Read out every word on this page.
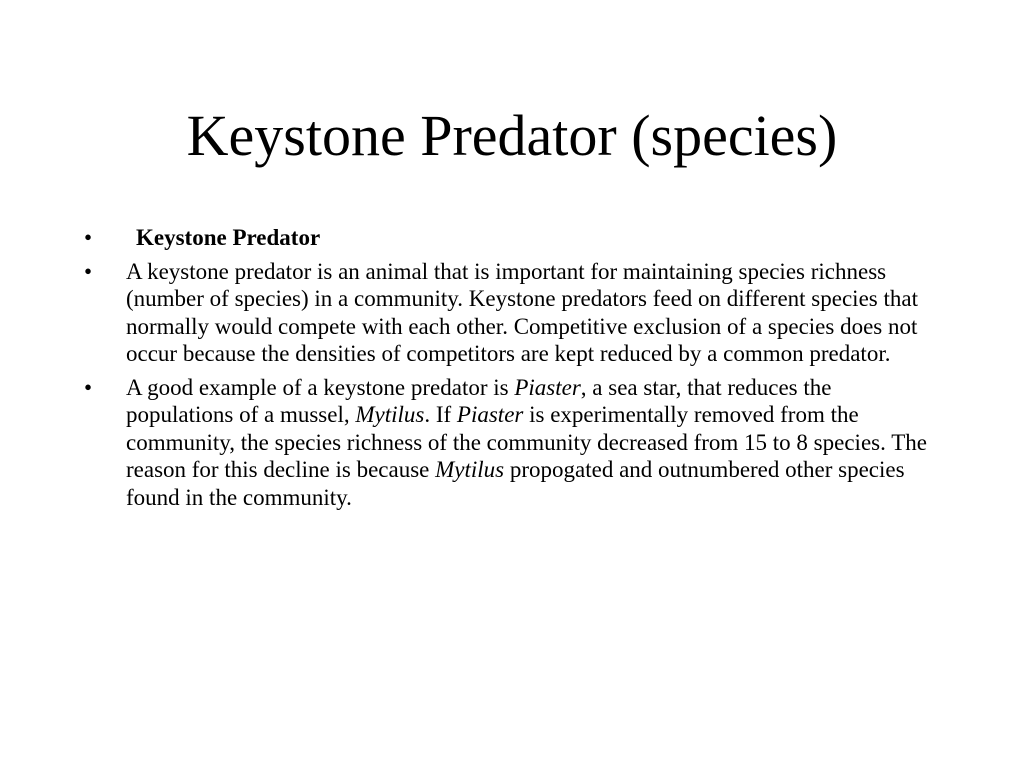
Keystone Predator (species)
•	Keystone Predator
•	A keystone predator is an animal that is important for maintaining species richness (number of species) in a community. Keystone predators feed on different species that normally would compete with each other. Competitive exclusion of a species does not occur because the densities of competitors are kept reduced by a common predator.
•	A good example of a keystone predator is Piaster, a sea star, that reduces the populations of a mussel, Mytilus. If Piaster is experimentally removed from the community, the species richness of the community decreased from 15 to 8 species. The reason for this decline is because Mytilus propogated and outnumbered other species found in the community.
